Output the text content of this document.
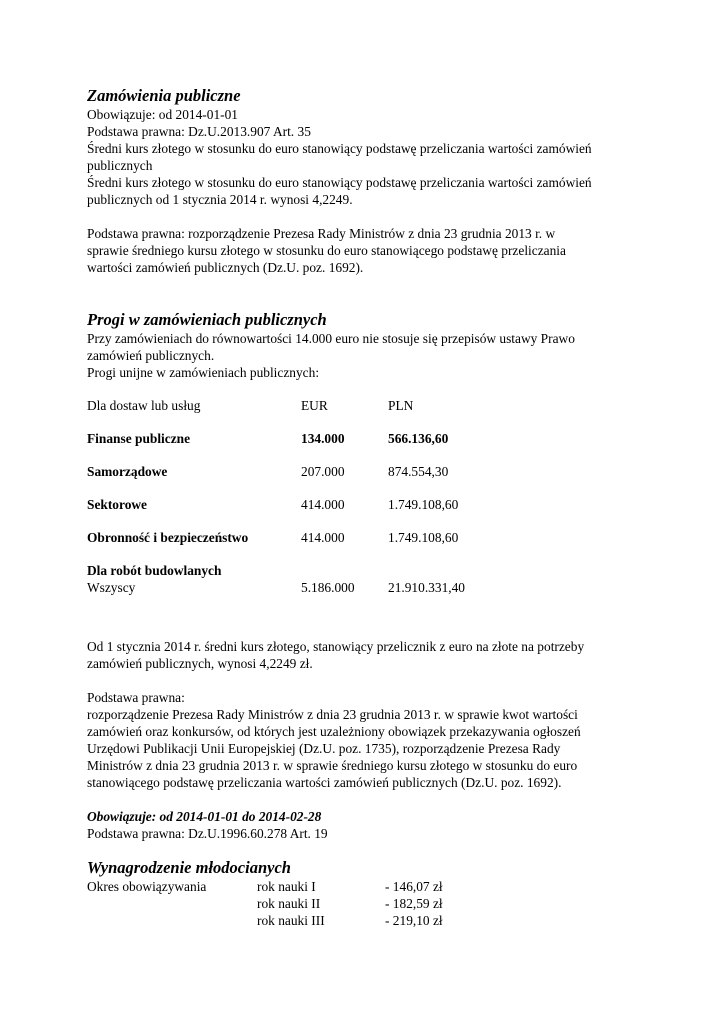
Zamówienia publiczne

Obowiązuje: od 2014-01-01

Podstawa prawna: Dz.U.2013.907 Art. 35

Średni kurs złotego w stosunku do euro stanowiący podstawę przeliczania wartości zamówień

publicznych

Średni kurs złotego w stosunku do euro stanowiący podstawę przeliczania wartości zamówień

publicznych od 1 stycznia 2014 r. wynosi 4,2249.

Podstawa prawna: rozporządzenie Prezesa Rady Ministrów z dnia 23 grudnia 2013 r. w

sprawie średniego kursu złotego w stosunku do euro stanowiącego podstawę przeliczania

wartości zamówień publicznych (Dz.U. poz. 1692).

Progi w zamówieniach publicznych

Przy zamówieniach do równowartości 14.000 euro nie stosuje się przepisów ustawy Prawo

zamówień publicznych.

Progi unijne w zamówieniach publicznych:

Dla dostaw lub usług	EUR	PLN
Finanse publiczne	134.000	566.136,60
Samorządowe	207.000	874.554,30
Sektorowe	414.000	1.749.108,60
Obronność i bezpieczeństwo	414.000	1.749.108,60
Dla robót budowlanych
Wszyscy	5.186.000 21.910.331,40

Od 1 stycznia 2014 r. średni kurs złotego, stanowiący przelicznik z euro na złote na potrzeby

zamówień publicznych, wynosi 4,2249 zł.

Podstawa prawna:

rozporządzenie Prezesa Rady Ministrów z dnia 23 grudnia 2013 r. w sprawie kwot wartości

zamówień oraz konkursów, od których jest uzależniony obowiązek przekazywania ogłoszeń

Urzędowi Publikacji Unii Europejskiej (Dz.U. poz. 1735), rozporządzenie Prezesa Rady

Ministrów z dnia 23 grudnia 2013 r. w sprawie średniego kursu złotego w stosunku do euro

stanowiącego podstawę przeliczania wartości zamówień publicznych (Dz.U. poz. 1692).

Obowiązuje: od 2014-01-01 do 2014-02-28

Podstawa prawna: Dz.U.1996.60.278 Art. 19

Wynagrodzenie młodocianych
Okres obowiązywania	rok nauki I	- 146,07 zł
rok nauki II	- 182,59 zł
rok nauki III	- 219,10 zł
